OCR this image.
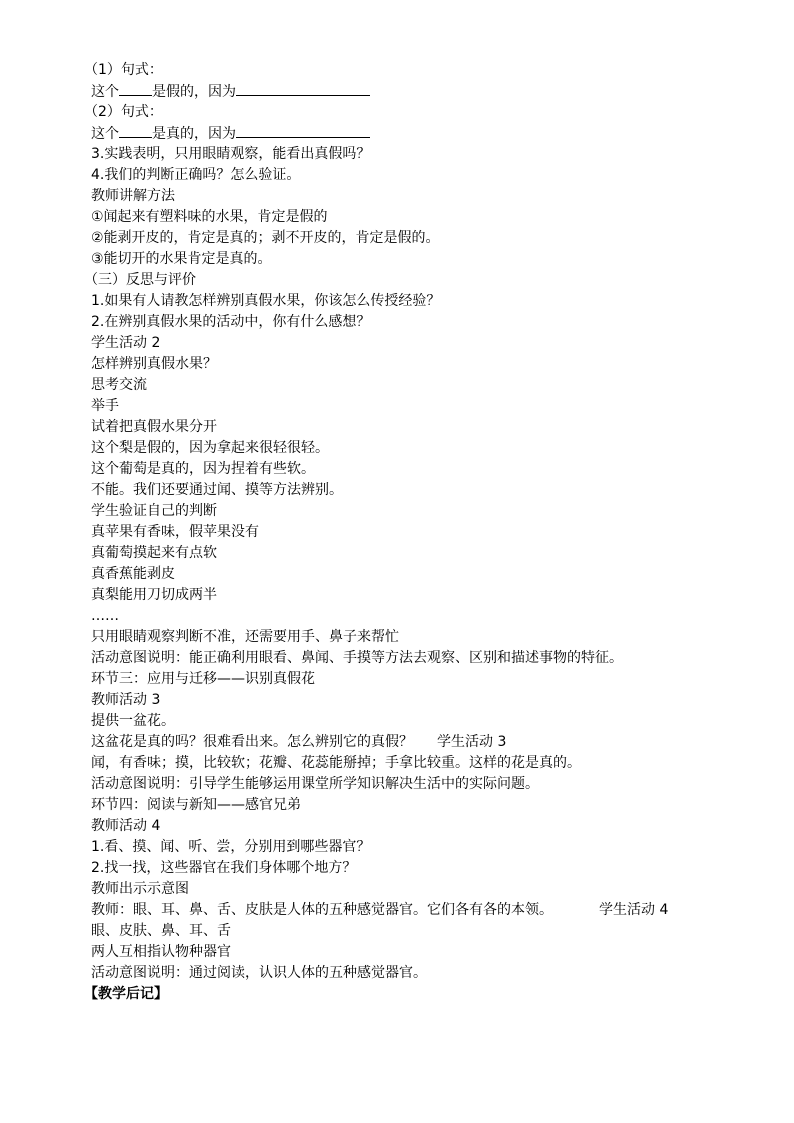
（1）句式：
这个 是假的，因为
（2）句式：
这个 是真的，因为
3.实践表明，只用眼睛观察，能看出真假吗？
4.我们的判断正确吗？怎么验证。
教师讲解方法
①闻起来有塑料味的水果，肯定是假的
②能剥开皮的，肯定是真的；剥不开皮的，肯定是假的。
③能切开的水果肯定是真的。
（三）反思与评价
1.如果有人请教怎样辨别真假水果，你该怎么传授经验？
2.在辨别真假水果的活动中，你有什么感想？
学生活动 2
怎样辨别真假水果？
思考交流
举手
试着把真假水果分开
这个梨是假的，因为拿起来很轻很轻。
这个葡萄是真的，因为捏着有些软。
不能。我们还要通过闻、摸等方法辨别。
学生验证自己的判断
真苹果有香味，假苹果没有
真葡萄摸起来有点软
真香蕉能剥皮
真梨能用刀切成两半
……
只用眼睛观察判断不准，还需要用手、鼻子来帮忙
活动意图说明：能正确利用眼看、鼻闻、手摸等方法去观察、区别和描述事物的特征。
环节三：应用与迁移——识别真假花
教师活动 3
提供一盆花。
这盆花是真的吗？很难看出来。怎么辨别它的真假？ 学生活动 3
闻，有香味；摸，比较软；花瓣、花蕊能掰掉；手拿比较重。这样的花是真的。
活动意图说明：引导学生能够运用课堂所学知识解决生活中的实际问题。
环节四：阅读与新知——感官兄弟
教师活动 4
1.看、摸、闻、听、尝，分别用到哪些器官？
2.找一找，这些器官在我们身体哪个地方？
教师出示示意图
教师：眼、耳、鼻、舌、皮肤是人体的五种感觉器官。它们各有各的本领。	学生活动 4
眼、皮肤、鼻、耳、舌
两人互相指认物种器官
活动意图说明：通过阅读，认识人体的五种感觉器官。
【教学后记】
